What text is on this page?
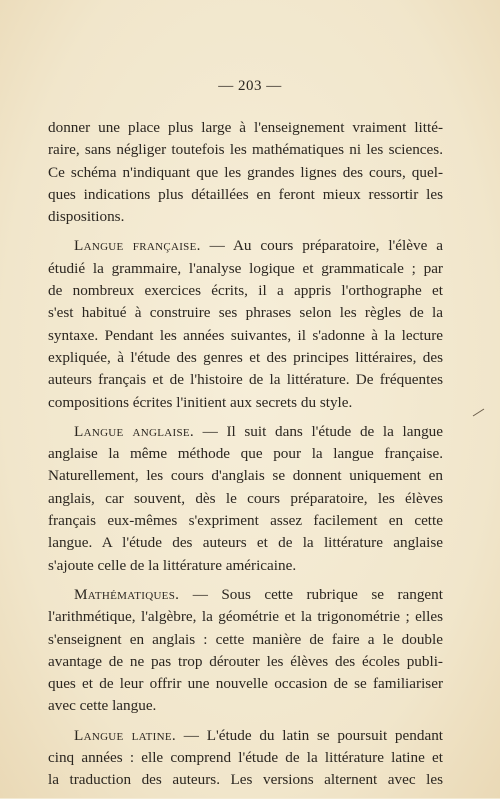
— 203 —
donner une place plus large à l'enseignement vraiment litté-
raire, sans négliger toutefois les mathématiques ni les sciences.
Ce schéma n'indiquant que les grandes lignes des cours, quel-
ques indications plus détaillées en feront mieux ressortir les
dispositions.
Langue française. — Au cours préparatoire, l'élève a
étudié la grammaire, l'analyse logique et grammaticale ; par
de nombreux exercices écrits, il a appris l'orthographe et
s'est habitué à construire ses phrases selon les règles de la
syntaxe. Pendant les années suivantes, il s'adonne à la lecture
expliquée, à l'étude des genres et des principes littéraires, des
auteurs français et de l'histoire de la littérature. De fréquentes
compositions écrites l'initient aux secrets du style.
Langue anglaise. — Il suit dans l'étude de la langue
anglaise la même méthode que pour la langue française.
Naturellement, les cours d'anglais se donnent uniquement en
anglais, car souvent, dès le cours préparatoire, les élèves
français eux-mêmes s'expriment assez facilement en cette
langue. A l'étude des auteurs et de la littérature anglaise
s'ajoute celle de la littérature américaine.
Mathématiques. — Sous cette rubrique se rangent
l'arithmétique, l'algèbre, la géométrie et la trigonométrie ; elles
s'enseignent en anglais : cette manière de faire a le double
avantage de ne pas trop dérouter les élèves des écoles publi-
ques et de leur offrir une nouvelle occasion de se familiariser
avec cette langue.
Langue latine. — L'étude du latin se poursuit pendant
cinq années : elle comprend l'étude de la littérature latine et
la traduction des auteurs. Les versions alternent avec les
